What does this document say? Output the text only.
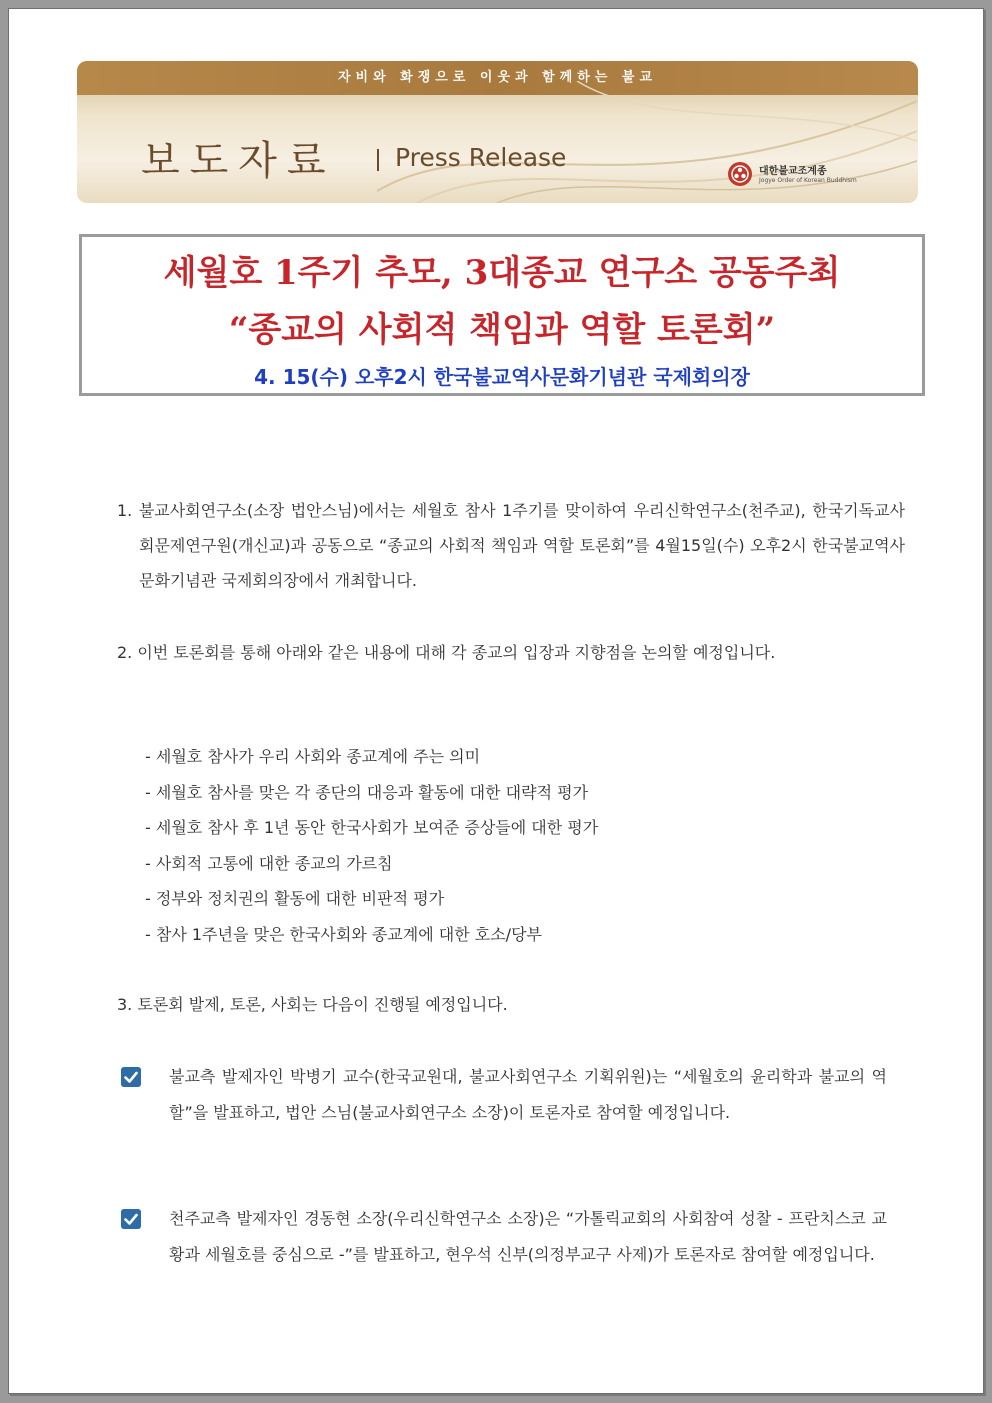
자비와 화쟁으로 이웃과 함께하는 불교
보도자료 Press Release	대한불교조계종
Jogye Order of Korean Buddhism
세월호 1주기 추모, 3대종교 연구소 공동주최
“종교의 사회적 책임과 역할 토론회”
4. 15(수) 오후2시 한국불교역사문화기념관 국제회의장
1. 불교사회연구소(소장 법안스님)에서는 세월호 참사 1주기를 맞이하여 우리신학연구소(천주교), 한국기독교사회문제연구원(개신교)과 공동으로 “종교의 사회적 책임과 역할 토론회”를 4월15일(수) 오후2시 한국불교역사문화기념관 국제회의장에서 개최합니다.
2. 이번 토론회를 통해 아래와 같은 내용에 대해 각 종교의 입장과 지향점을 논의할 예정입니다.
- 세월호 참사가 우리 사회와 종교계에 주는 의미
- 세월호 참사를 맞은 각 종단의 대응과 활동에 대한 대략적 평가
- 세월호 참사 후 1년 동안 한국사회가 보여준 증상들에 대한 평가
- 사회적 고통에 대한 종교의 가르침
- 정부와 정치권의 활동에 대한 비판적 평가
- 참사 1주년을 맞은 한국사회와 종교계에 대한 호소/당부
3. 토론회 발제, 토론, 사회는 다음이 진행될 예정입니다.
불교측 발제자인 박병기 교수(한국교원대, 불교사회연구소 기획위원)는 “세월호의 윤리학과 불교의 역할”을 발표하고, 법안 스님(불교사회연구소 소장)이 토론자로 참여할 예정입니다.
천주교측 발제자인 경동현 소장(우리신학연구소 소장)은 “가톨릭교회의 사회참여 성찰 - 프란치스코 교황과 세월호를 중심으로 -”를 발표하고, 현우석 신부(의정부교구 사제)가 토론자로 참여할 예정입니다.
